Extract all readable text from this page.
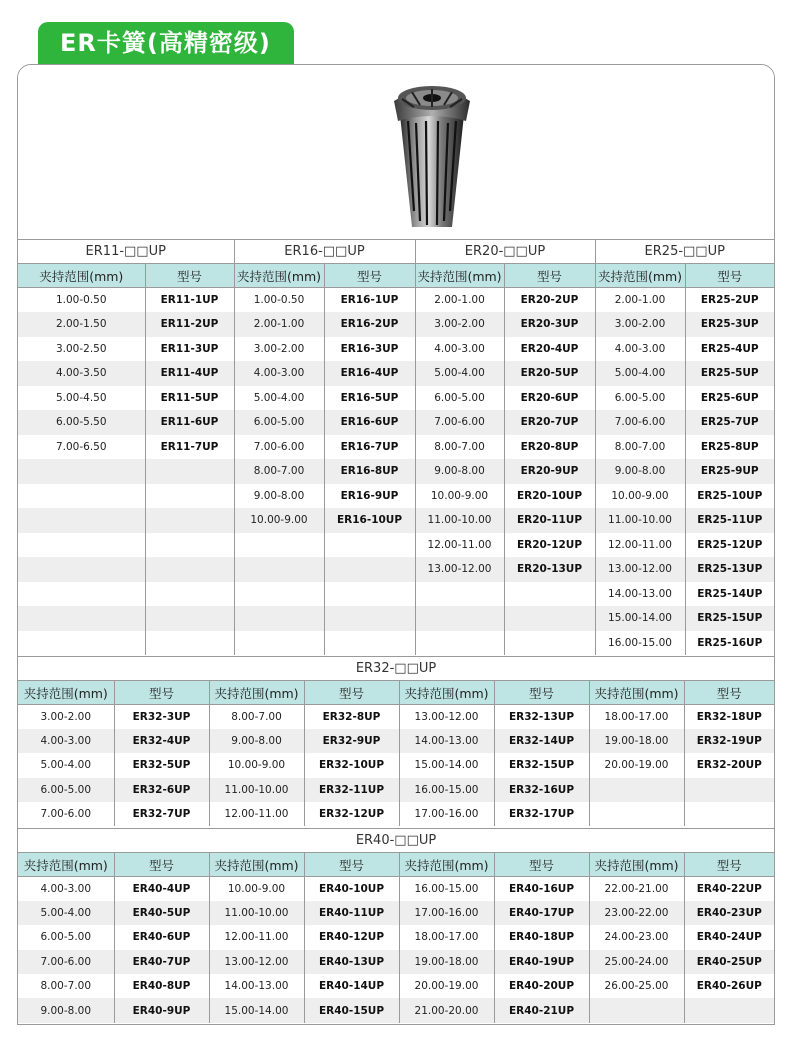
ER卡簧(高精密级)
ER11-□□UP		ER16-□□UP		ER20-□□UP		ER25-□□UP	
夹持范围(mm)	型号	夹持范围(mm)	型号	夹持范围(mm)	型号	夹持范围(mm)	型号
1.00-0.50	ER11-1UP	1.00-0.50	ER16-1UP	2.00-1.00	ER20-2UP	2.00-1.00	ER25-2UP
2.00-1.50	ER11-2UP	2.00-1.00	ER16-2UP	3.00-2.00	ER20-3UP	3.00-2.00	ER25-3UP
3.00-2.50	ER11-3UP	3.00-2.00	ER16-3UP	4.00-3.00	ER20-4UP	4.00-3.00	ER25-4UP
4.00-3.50	ER11-4UP	4.00-3.00	ER16-4UP	5.00-4.00	ER20-5UP	5.00-4.00	ER25-5UP
5.00-4.50	ER11-5UP	5.00-4.00	ER16-5UP	6.00-5.00	ER20-6UP	6.00-5.00	ER25-6UP
6.00-5.50	ER11-6UP	6.00-5.00	ER16-6UP	7.00-6.00	ER20-7UP	7.00-6.00	ER25-7UP
7.00-6.50	ER11-7UP	7.00-6.00	ER16-7UP	8.00-7.00	ER20-8UP	8.00-7.00	ER25-8UP
		8.00-7.00	ER16-8UP	9.00-8.00	ER20-9UP	9.00-8.00	ER25-9UP
		9.00-8.00	ER16-9UP	10.00-9.00	ER20-10UP	10.00-9.00	ER25-10UP
		10.00-9.00	ER16-10UP	11.00-10.00	ER20-11UP	11.00-10.00	ER25-11UP
				12.00-11.00	ER20-12UP	12.00-11.00	ER25-12UP
				13.00-12.00	ER20-13UP	13.00-12.00	ER25-13UP
						14.00-13.00	ER25-14UP
						15.00-14.00	ER25-15UP
						16.00-15.00	ER25-16UP
ER32-□□UP							
夹持范围(mm)	型号	夹持范围(mm)	型号	夹持范围(mm)	型号	夹持范围(mm)	型号
3.00-2.00	ER32-3UP	8.00-7.00	ER32-8UP	13.00-12.00	ER32-13UP	18.00-17.00	ER32-18UP
4.00-3.00	ER32-4UP	9.00-8.00	ER32-9UP	14.00-13.00	ER32-14UP	19.00-18.00	ER32-19UP
5.00-4.00	ER32-5UP	10.00-9.00	ER32-10UP	15.00-14.00	ER32-15UP	20.00-19.00	ER32-20UP
6.00-5.00	ER32-6UP	11.00-10.00	ER32-11UP	16.00-15.00	ER32-16UP		
7.00-6.00	ER32-7UP	12.00-11.00	ER32-12UP	17.00-16.00	ER32-17UP		
ER40-□□UP							
夹持范围(mm)	型号	夹持范围(mm)	型号	夹持范围(mm)	型号	夹持范围(mm)	型号
4.00-3.00	ER40-4UP	10.00-9.00	ER40-10UP	16.00-15.00	ER40-16UP	22.00-21.00	ER40-22UP
5.00-4.00	ER40-5UP	11.00-10.00	ER40-11UP	17.00-16.00	ER40-17UP	23.00-22.00	ER40-23UP
6.00-5.00	ER40-6UP	12.00-11.00	ER40-12UP	18.00-17.00	ER40-18UP	24.00-23.00	ER40-24UP
7.00-6.00	ER40-7UP	13.00-12.00	ER40-13UP	19.00-18.00	ER40-19UP	25.00-24.00	ER40-25UP
8.00-7.00	ER40-8UP	14.00-13.00	ER40-14UP	20.00-19.00	ER40-20UP	26.00-25.00	ER40-26UP
9.00-8.00	ER40-9UP	15.00-14.00	ER40-15UP	21.00-20.00	ER40-21UP		
